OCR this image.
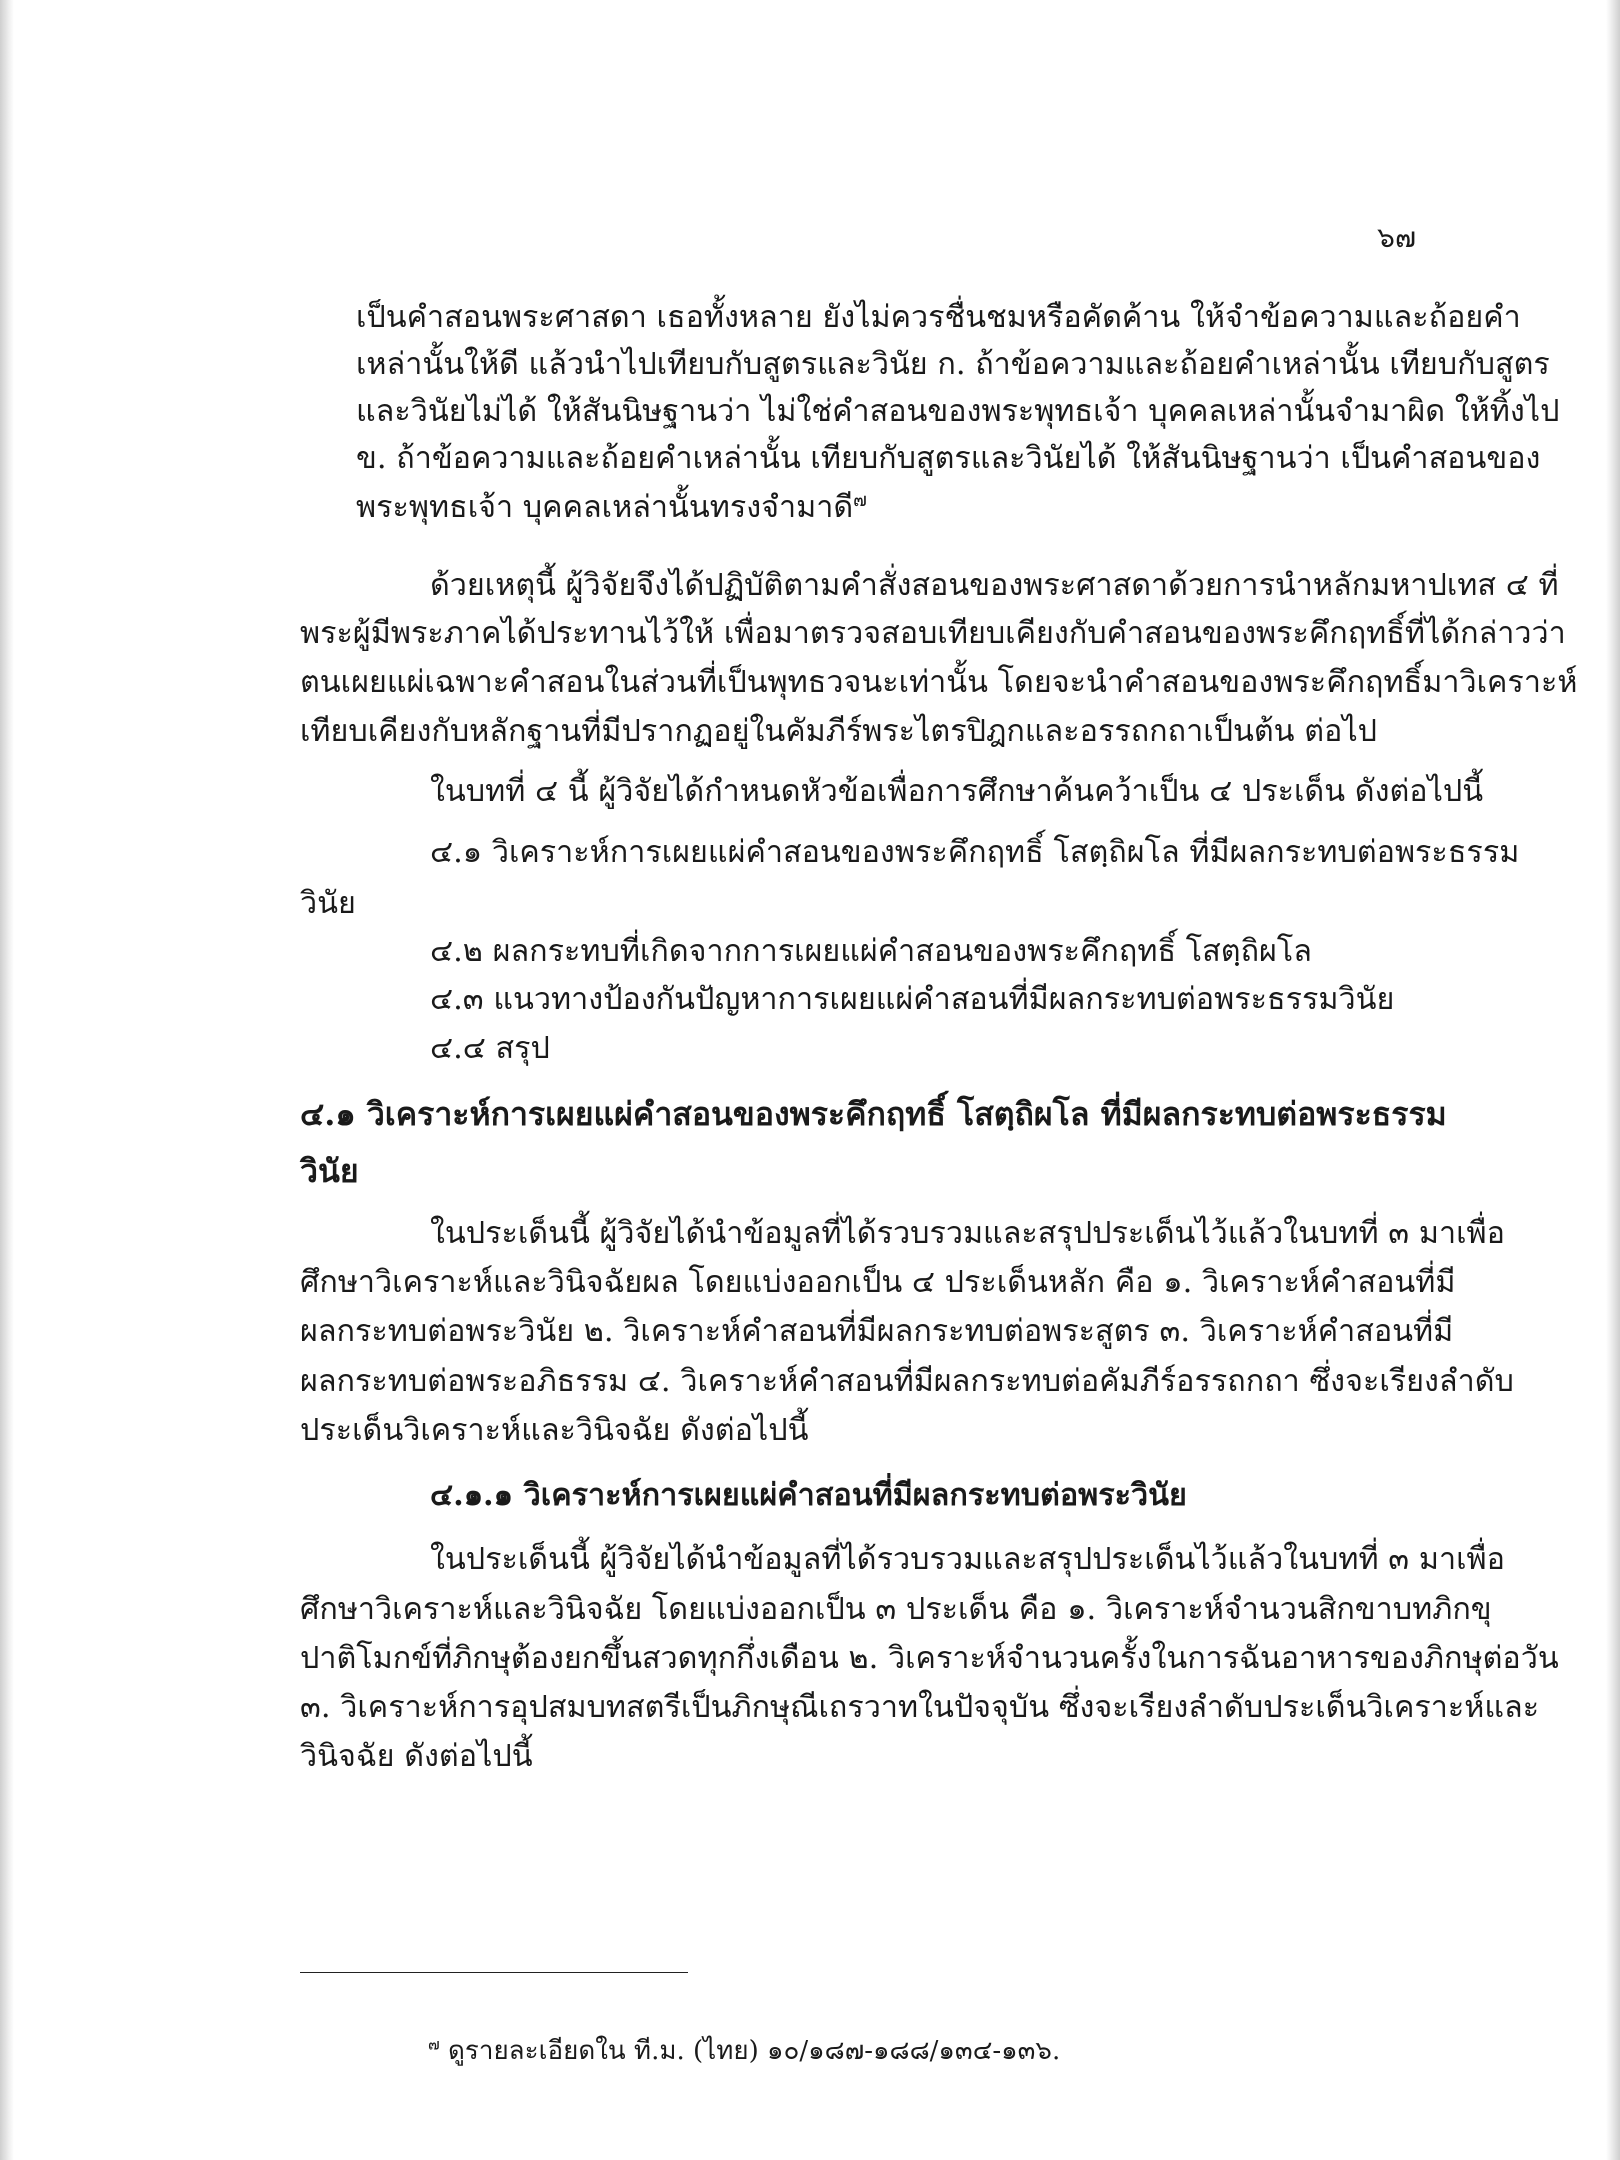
๖๗
เป็นคำสอนพระศาสดา เธอทั้งหลาย ยังไม่ควรชื่นชมหรือคัดค้าน ให้จำข้อความและถ้อยคำ
เหล่านั้นให้ดี แล้วนำไปเทียบกับสูตรและวินัย ก. ถ้าข้อความและถ้อยคำเหล่านั้น เทียบกับสูตร
และวินัยไม่ได้ ให้สันนิษฐานว่า ไม่ใช่คำสอนของพระพุทธเจ้า บุคคลเหล่านั้นจำมาผิด ให้ทิ้งไป
ข. ถ้าข้อความและถ้อยคำเหล่านั้น เทียบกับสูตรและวินัยได้ ให้สันนิษฐานว่า เป็นคำสอนของ
พระพุทธเจ้า บุคคลเหล่านั้นทรงจำมาดี$^๗$
ด้วยเหตุนี้ ผู้วิจัยจึงได้ปฏิบัติตามคำสั่งสอนของพระศาสดาด้วยการนำหลักมหาปเทส ๔ ที่
พระผู้มีพระภาคได้ประทานไว้ให้ เพื่อมาตรวจสอบเทียบเคียงกับคำสอนของพระคึกฤทธิ์ที่ได้กล่าวว่า
ตนเผยแผ่เฉพาะคำสอนในส่วนที่เป็นพุทธวจนะเท่านั้น โดยจะนำคำสอนของพระคึกฤทธิ์มาวิเคราะห์
เทียบเคียงกับหลักฐานที่มีปรากฏอยู่ในคัมภีร์พระไตรปิฎกและอรรถกถาเป็นต้น ต่อไป
ในบทที่ ๔ นี้ ผู้วิจัยได้กำหนดหัวข้อเพื่อการศึกษาค้นคว้าเป็น ๔ ประเด็น ดังต่อไปนี้
๔.๑ วิเคราะห์การเผยแผ่คำสอนของพระคึกฤทธิ์ โสตฺถิผโล ที่มีผลกระทบต่อพระธรรม
วินัย
๔.๒ ผลกระทบที่เกิดจากการเผยแผ่คำสอนของพระคึกฤทธิ์ โสตฺถิผโล
๔.๓ แนวทางป้องกันปัญหาการเผยแผ่คำสอนที่มีผลกระทบต่อพระธรรมวินัย
๔.๔ สรุป
๔.๑ วิเคราะห์การเผยแผ่คำสอนของพระคึกฤทธิ์ โสตฺถิผโล ที่มีผลกระทบต่อพระธรรม
วินัย
ในประเด็นนี้ ผู้วิจัยได้นำข้อมูลที่ได้รวบรวมและสรุปประเด็นไว้แล้วในบทที่ ๓ มาเพื่อ
ศึกษาวิเคราะห์และวินิจฉัยผล โดยแบ่งออกเป็น ๔ ประเด็นหลัก คือ ๑. วิเคราะห์คำสอนที่มี
ผลกระทบต่อพระวินัย ๒. วิเคราะห์คำสอนที่มีผลกระทบต่อพระสูตร ๓. วิเคราะห์คำสอนที่มี
ผลกระทบต่อพระอภิธรรม ๔. วิเคราะห์คำสอนที่มีผลกระทบต่อคัมภีร์อรรถกถา ซึ่งจะเรียงลำดับ
ประเด็นวิเคราะห์และวินิจฉัย ดังต่อไปนี้
๔.๑.๑ วิเคราะห์การเผยแผ่คำสอนที่มีผลกระทบต่อพระวินัย
ในประเด็นนี้ ผู้วิจัยได้นำข้อมูลที่ได้รวบรวมและสรุปประเด็นไว้แล้วในบทที่ ๓ มาเพื่อ
ศึกษาวิเคราะห์และวินิจฉัย โดยแบ่งออกเป็น ๓ ประเด็น คือ ๑. วิเคราะห์จำนวนสิกขาบทภิกขุ
ปาติโมกข์ที่ภิกษุต้องยกขึ้นสวดทุกกึ่งเดือน ๒. วิเคราะห์จำนวนครั้งในการฉันอาหารของภิกษุต่อวัน
๓. วิเคราะห์การอุปสมบทสตรีเป็นภิกษุณีเถรวาทในปัจจุบัน ซึ่งจะเรียงลำดับประเด็นวิเคราะห์และ
วินิจฉัย ดังต่อไปนี้
$^๗$ ดูรายละเอียดใน ที.ม. (ไทย) ๑๐/๑๘๗-๑๘๘/๑๓๔-๑๓๖.
